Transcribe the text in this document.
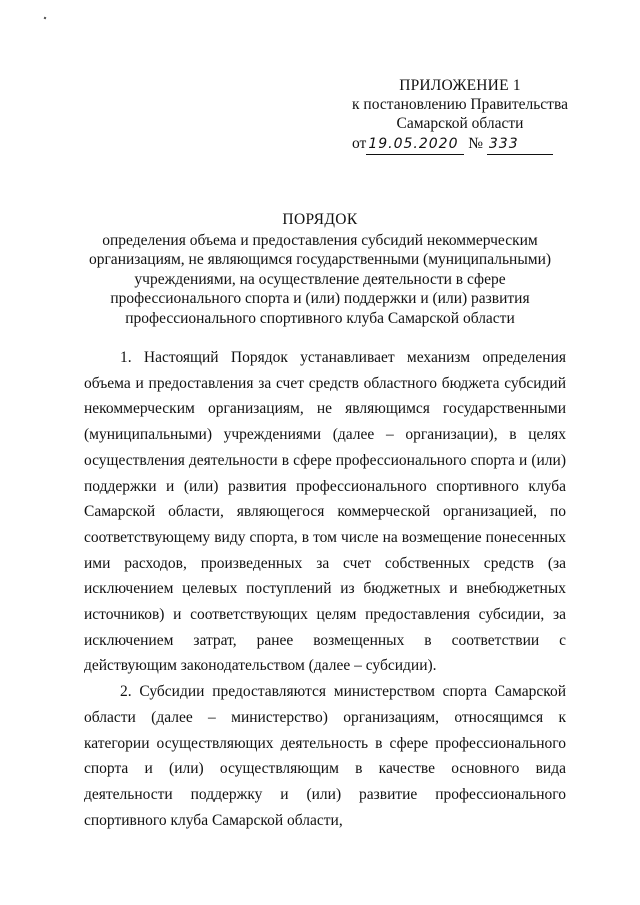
ПРИЛОЖЕНИЕ 1
к постановлению Правительства
Самарской области
от 19.05.2020 № 333
ПОРЯДОК
определения объема и предоставления субсидий некоммерческим
организациям, не являющимся государственными (муниципальными)
учреждениями, на осуществление деятельности в сфере
профессионального спорта и (или) поддержки и (или) развития
профессионального спортивного клуба Самарской области

1. Настоящий Порядок устанавливает механизм определения объема и предоставления за счет средств областного бюджета субсидий некоммерческим организациям, не являющимся государственными (муниципальными) учреждениями (далее – организации), в целях осуществления деятельности в сфере профессионального спорта и (или) поддержки и (или) развития профессионального спортивного клуба Самарской области, являющегося коммерческой организацией, по соответствующему виду спорта, в том числе на возмещение понесенных ими расходов, произведенных за счет собственных средств (за исключением целевых поступлений из бюджетных и внебюджетных источников) и соответствующих целям предоставления субсидии, за исключением затрат, ранее возмещенных в соответствии с действующим законодательством (далее – субсидии).

2. Субсидии предоставляются министерством спорта Самарской области (далее – министерство) организациям, относящимся к категории осуществляющих деятельность в сфере профессионального спорта и (или) осуществляющим в качестве основного вида деятельности поддержку и (или) развитие профессионального спортивного клуба Самарской области,
